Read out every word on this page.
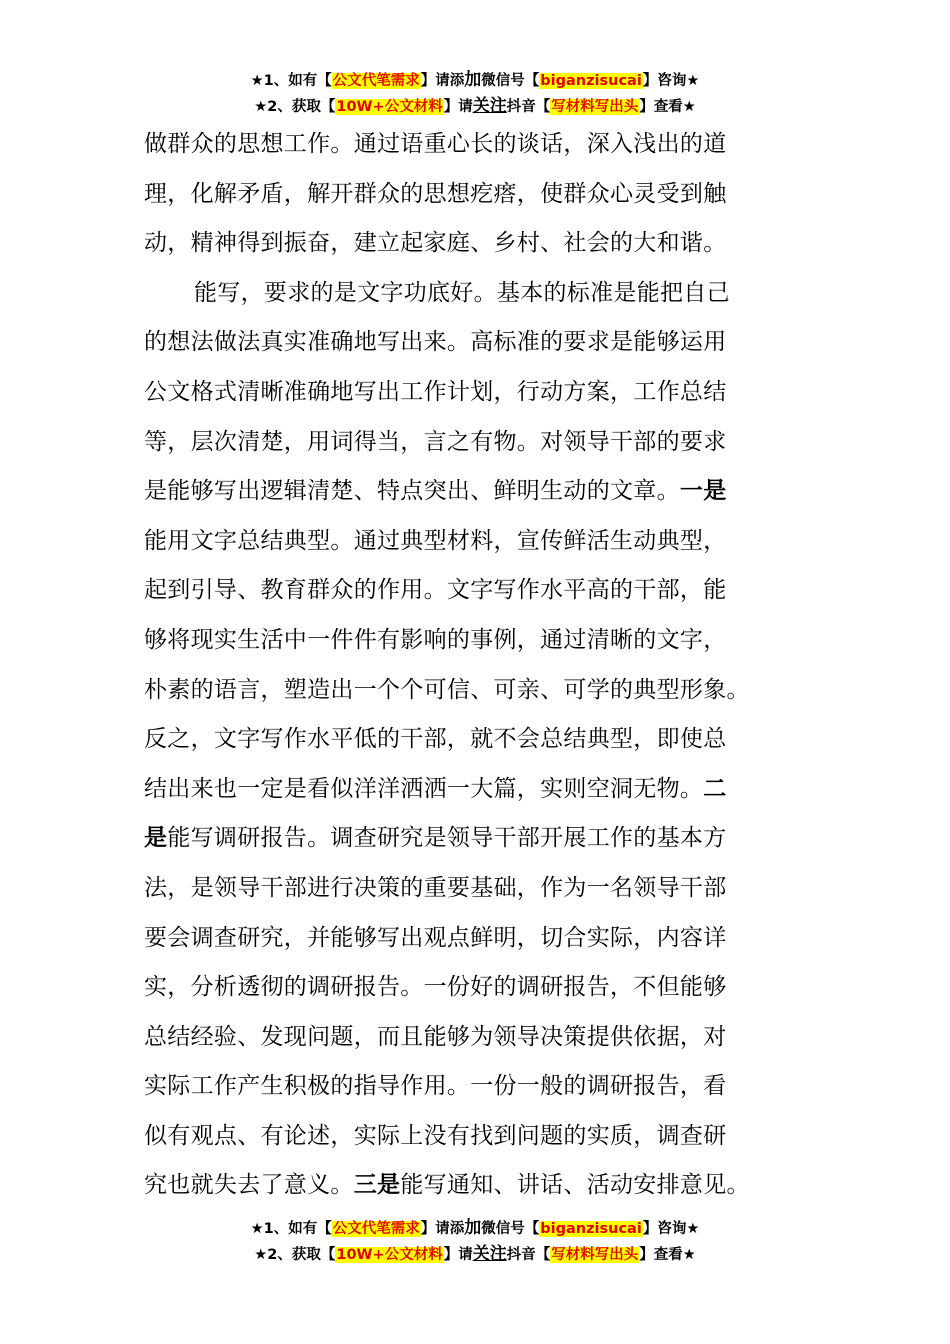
★1、如有【公文代笔需求】请添加微信号【biganzisucai】咨询★
★2、获取【10W+公文材料】请关注抖音【写材料写出头】查看★
做群众的思想工作。通过语重心长的谈话，深入浅出的道
理，化解矛盾，解开群众的思想疙瘩，使群众心灵受到触
动，精神得到振奋，建立起家庭、乡村、社会的大和谐。
能写，要求的是文字功底好。基本的标准是能把自己
的想法做法真实准确地写出来。高标准的要求是能够运用
公文格式清晰准确地写出工作计划，行动方案，工作总结
等，层次清楚，用词得当，言之有物。对领导干部的要求
是能够写出逻辑清楚、特点突出、鲜明生动的文章。一是
能用文字总结典型。通过典型材料，宣传鲜活生动典型，
起到引导、教育群众的作用。文字写作水平高的干部，能
够将现实生活中一件件有影响的事例，通过清晰的文字，
朴素的语言，塑造出一个个可信、可亲、可学的典型形象。
反之，文字写作水平低的干部，就不会总结典型，即使总
结出来也一定是看似洋洋洒洒一大篇，实则空洞无物。二
是能写调研报告。调查研究是领导干部开展工作的基本方
法，是领导干部进行决策的重要基础，作为一名领导干部
要会调查研究，并能够写出观点鲜明，切合实际，内容详
实，分析透彻的调研报告。一份好的调研报告，不但能够
总结经验、发现问题，而且能够为领导决策提供依据，对
实际工作产生积极的指导作用。一份一般的调研报告，看
似有观点、有论述，实际上没有找到问题的实质，调查研
究也就失去了意义。三是能写通知、讲话、活动安排意见。
★1、如有【公文代笔需求】请添加微信号【biganzisucai】咨询★
★2、获取【10W+公文材料】请关注抖音【写材料写出头】查看★
